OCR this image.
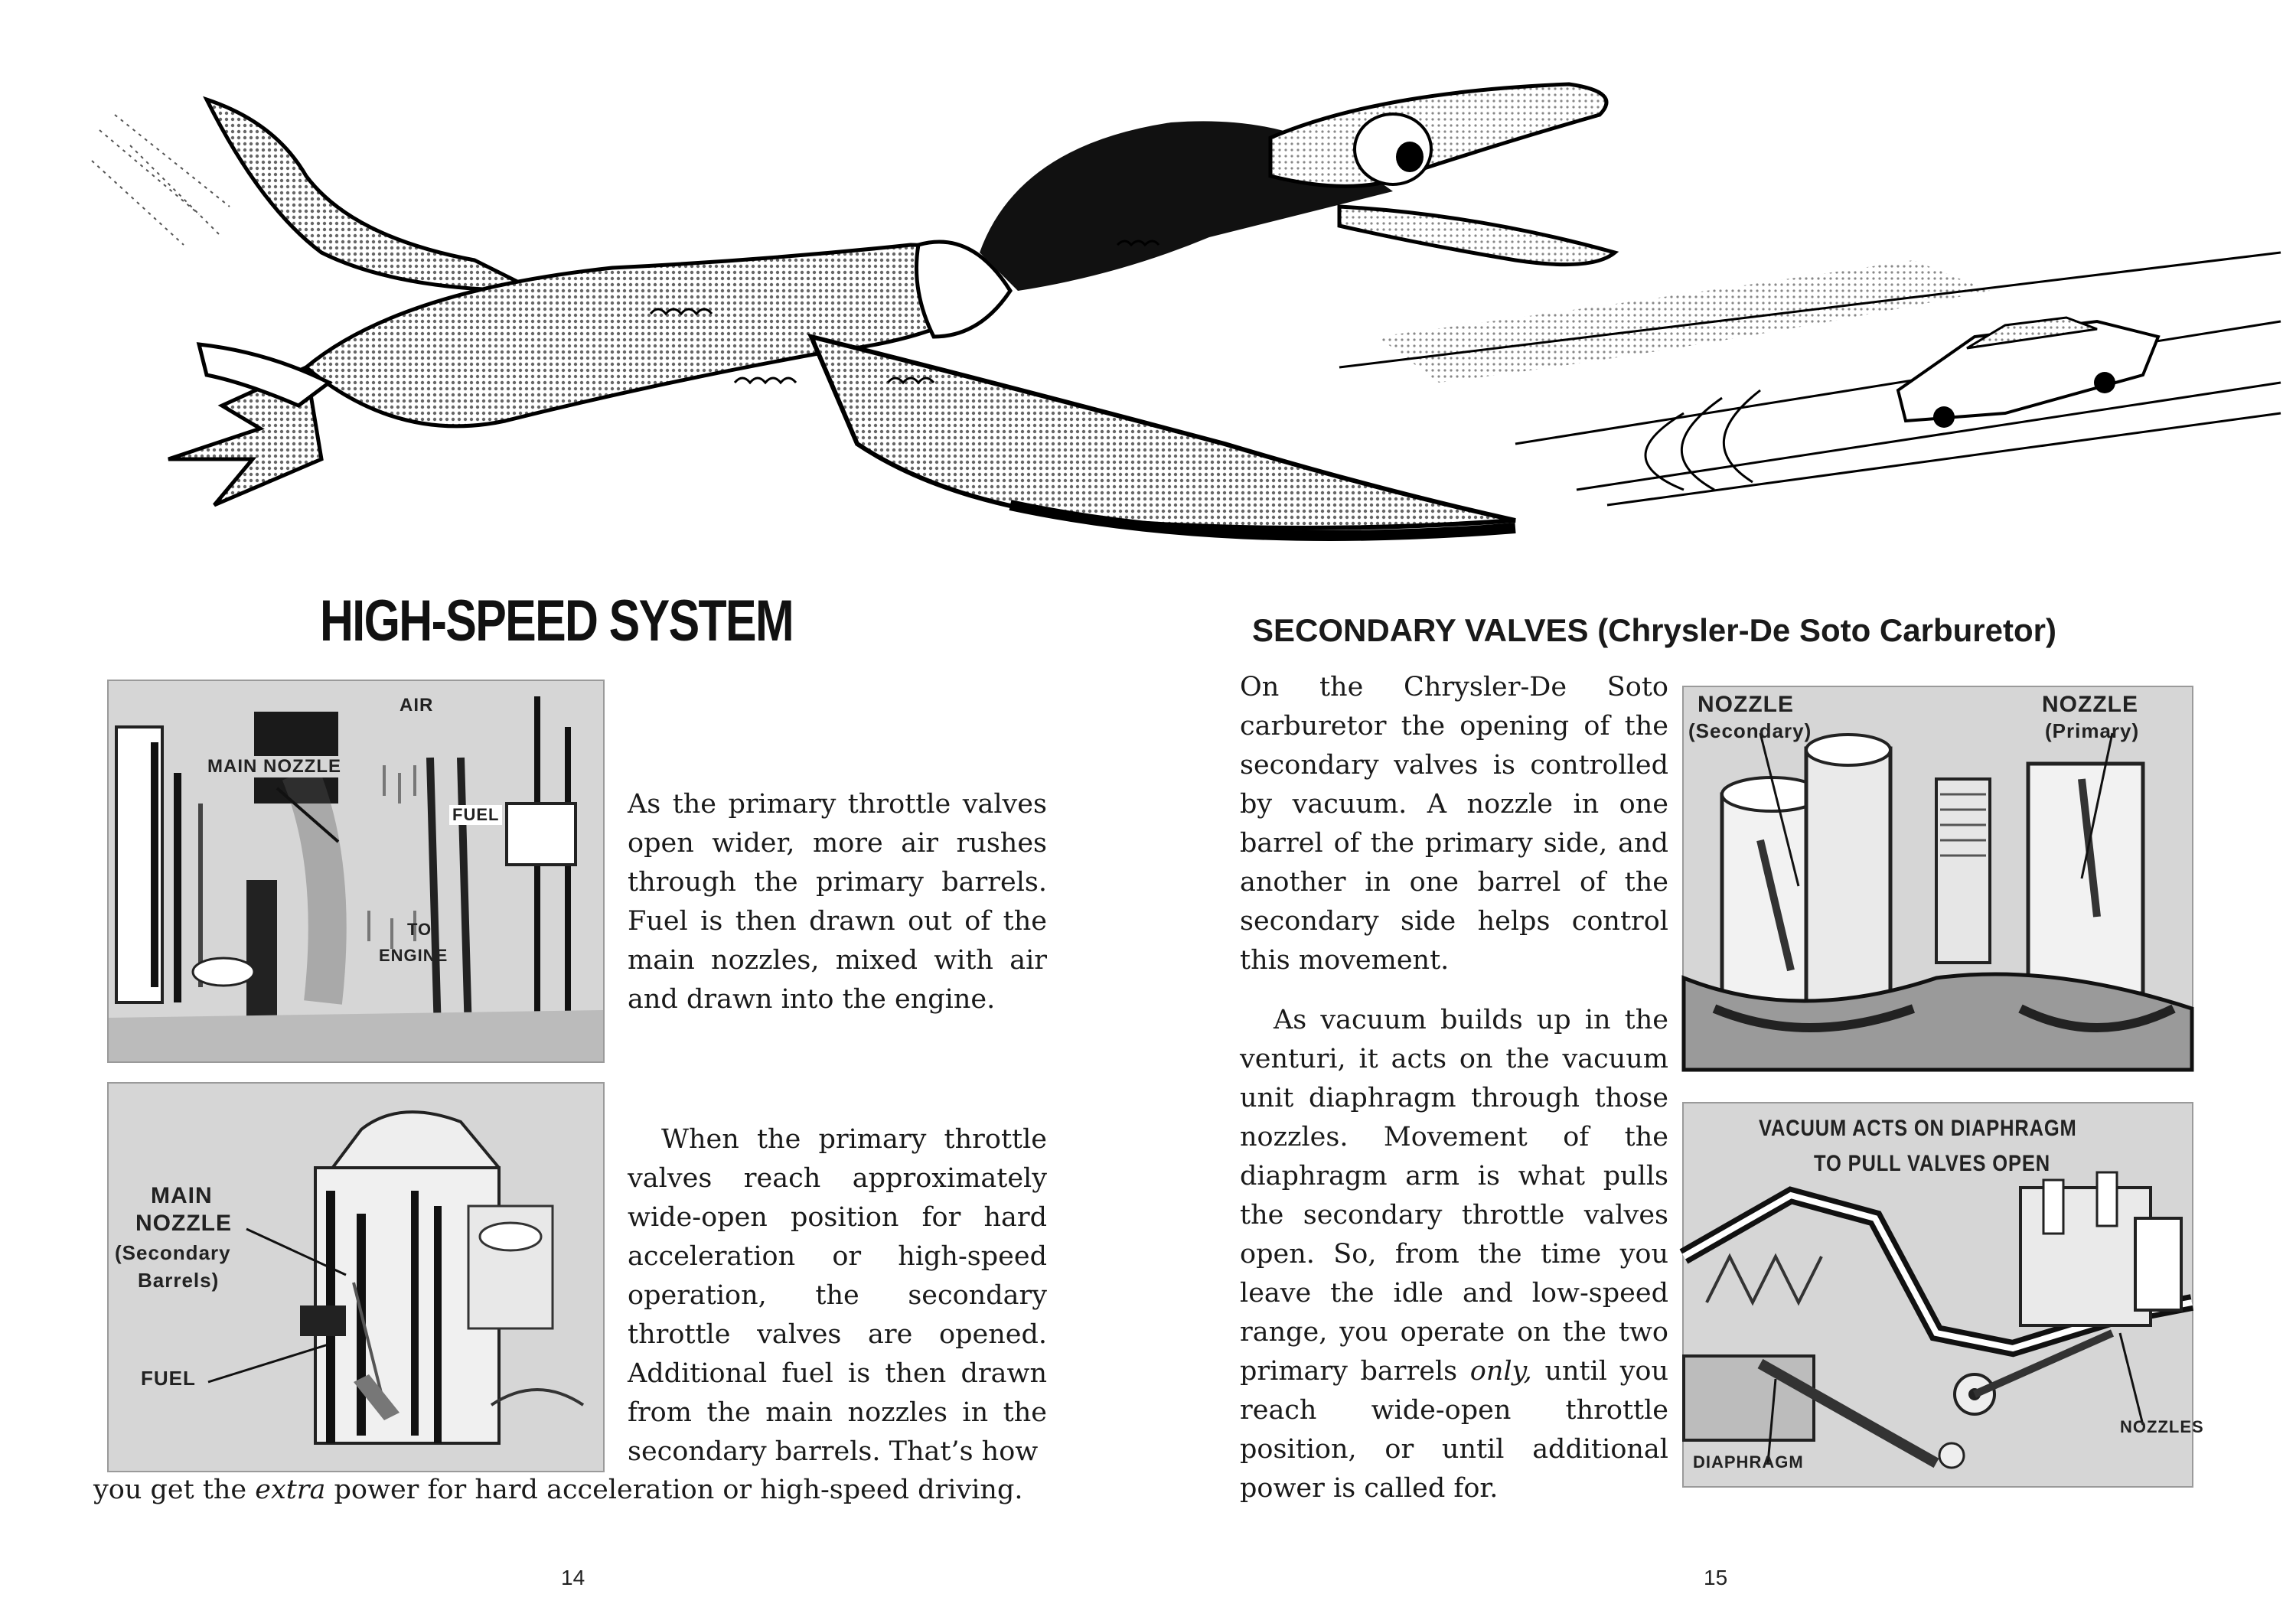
HIGH-SPEED SYSTEM
AIR
MAIN NOZZLE
FUEL
TO
ENGINE
MAIN
NOZZLE
(Secondary
Barrels)
FUEL

As the primary throttle valves open wider, more air rushes through the primary barrels. Fuel is then drawn out of the main nozzles, mixed with air and drawn into the engine.

When the primary throttle valves reach approximately wide-open position for hard acceleration or high-speed operation, the secondary throttle valves are opened. Additional fuel is then drawn from the main nozzles in the secondary barrels. That’s how

you get the extra power for hard acceleration or high-speed driving.
14
SECONDARY VALVES (Chrysler-De Soto Carburetor)

On the Chrysler-De Soto carburetor the opening of the secondary valves is controlled by vacuum. A nozzle in one barrel of the primary side, and another in one barrel of the secondary side helps control this movement.

As vacuum builds up in the venturi, it acts on the vacuum unit diaphragm through those nozzles. Movement of the diaphragm arm is what pulls the secondary throttle valves open. So, from the time you leave the idle and low-speed range, you operate on the two primary barrels only, until you reach wide-open throttle position, or until additional power is called for.

NOZZLE
(Secondary)
NOZZLE
(Primary)
VACUUM ACTS ON DIAPHRAGM
TO PULL VALVES OPEN
NOZZLES
DIAPHRAGM
15
